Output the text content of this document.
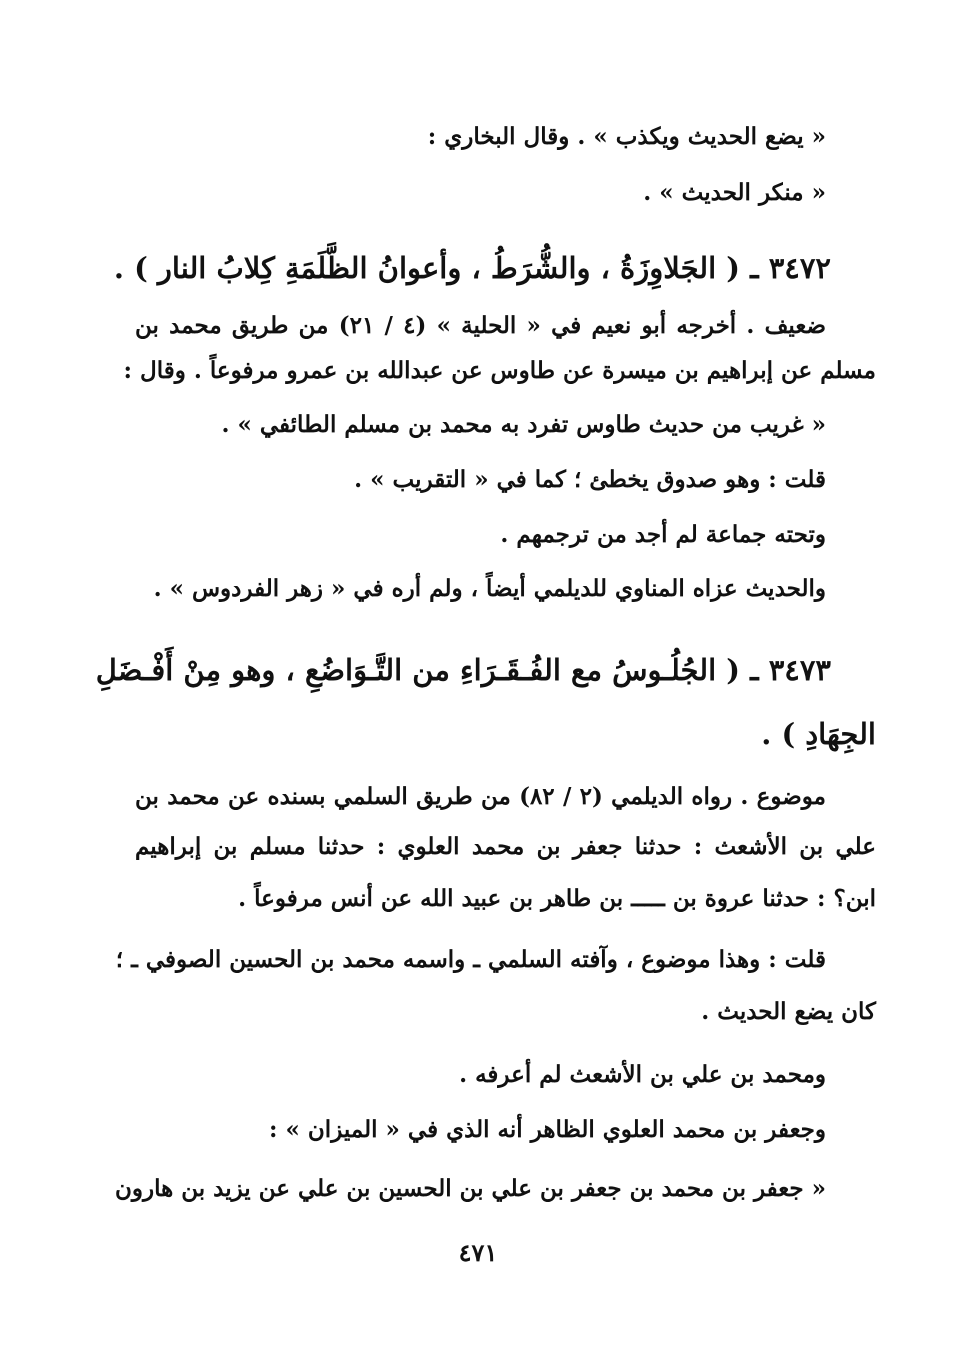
« يضع الحديث ويكذب » . وقال البخاري :
« منكر الحديث » .
٣٤٧٢ ـ ( الجَلاوِزَةُ ، والشُّرَطُ ، وأعوانُ الظَّلَمَةِ كِلابُ النار ) .
ضعيف . أخرجه أبو نعيم في « الحلية » (٤ / ٢١) من طريق محمد بن
مسلم عن إبراهيم بن ميسرة عن طاوس عن عبدالله بن عمرو مرفوعاً . وقال :
« غريب من حديث طاوس تفرد به محمد بن مسلم الطائفي » .
قلت : وهو صدوق يخطئ ؛ كما في « التقريب » .
وتحته جماعة لم أجد من ترجمهم .
والحديث عزاه المناوي للديلمي أيضاً ، ولم أره في « زهر الفردوس » .
٣٤٧٣ ـ ( الجُلُـوسُ مع الفُـقَـرَاءِ من التَّـوَاضُعِ ، وهو مِنْ أَفْـضَلِ
الجِهَادِ ) .
موضوع . رواه الديلمي (٢ / ٨٢) من طريق السلمي بسنده عن محمد بن
علي بن الأشعث : حدثنا جعفر بن محمد العلوي : حدثنا مسلم بن إبراهيم
ابن؟ : حدثنا عروة بن ـــــ بن طاهر بن عبيد الله عن أنس مرفوعاً .
قلت : وهذا موضوع ، وآفته السلمي ـ واسمه محمد بن الحسين الصوفي ـ ؛
كان يضع الحديث .
ومحمد بن علي بن الأشعث لم أعرفه .
وجعفر بن محمد العلوي الظاهر أنه الذي في « الميزان » :
« جعفر بن محمد بن جعفر بن علي بن الحسين بن علي عن يزيد بن هارون
٤٧١
